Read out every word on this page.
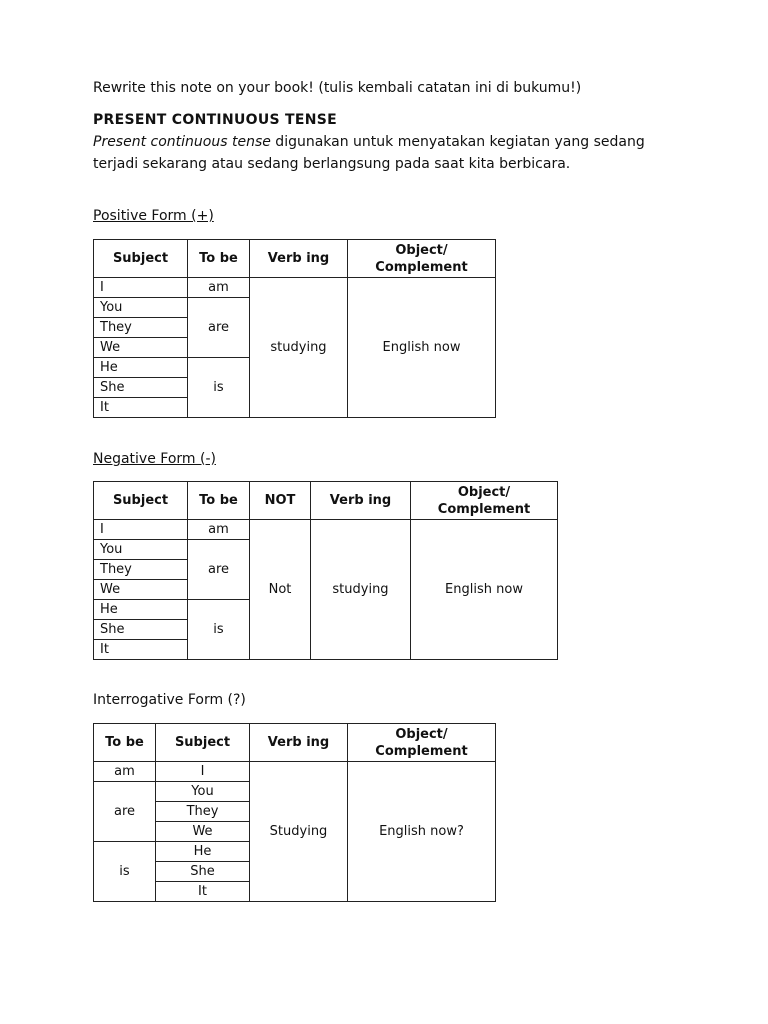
Rewrite this note on your book! (tulis kembali catatan ini di bukumu!)
PRESENT CONTINUOUS TENSE
Present continuous tense digunakan untuk menyatakan kegiatan yang sedang
terjadi sekarang atau sedang berlangsung pada saat kita berbicara.
Positive Form (+)
Subject	To be	Verb ing	Object/
Complement
I	am	studying	English now
You	are		
They			
We			
He	is		
She			
It			
Negative Form (-)
Subject	To be	NOT	Verb ing	Object/
Complement
I	am	Not	studying	English now
You	are			
They				
We				
He	is			
She				
It				
Interrogative Form (?)
To be	Subject	Verb ing	Object/
Complement
am	I	Studying	English now?
are	You		
	They		
	We		
is	He		
	She		
	It		
